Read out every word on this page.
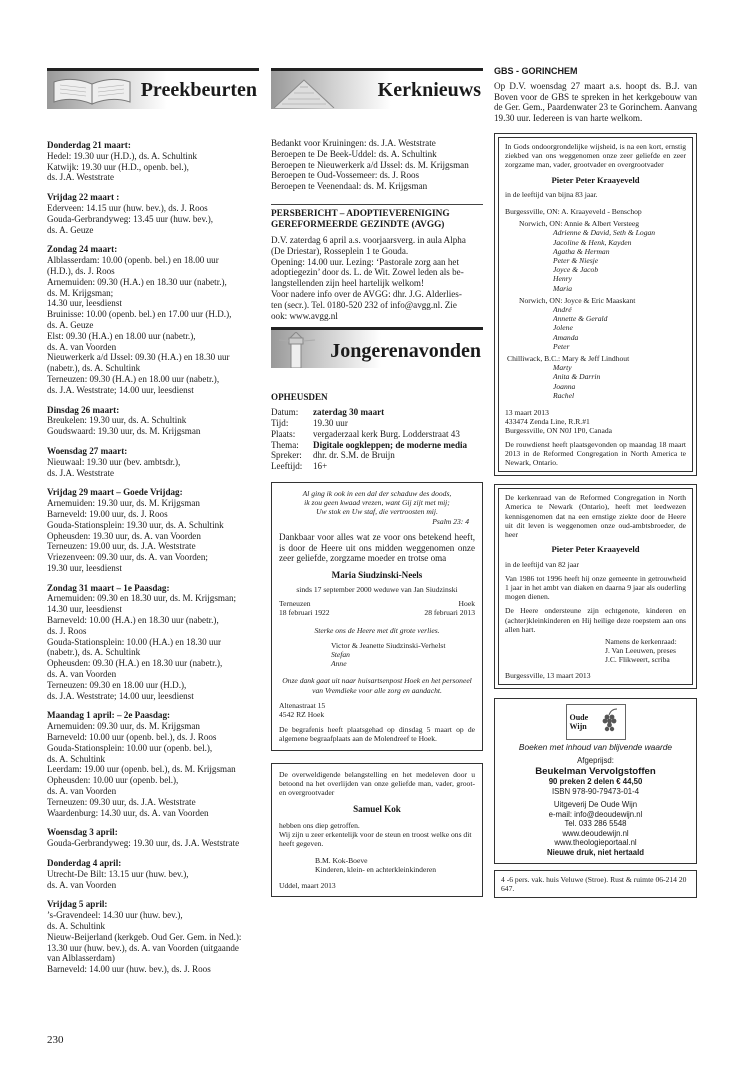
Preekbeurten
Donderdag 21 maart:
Hedel: 19.30 uur (H.D.), ds. A. Schultink
Katwijk: 19.30 uur (H.D., openb. bel.),
ds. J.A. Weststrate
Vrijdag 22 maart :
Ederveen: 14.15 uur (huw. bev.), ds. J. Roos
Gouda-Gerbrandyweg: 13.45 uur (huw. bev.),
ds. A. Geuze
Zondag 24 maart:
Alblasserdam: 10.00 (openb. bel.) en 18.00 uur
(H.D.), ds. J. Roos
Arnemuiden: 09.30 (H.A.) en 18.30 uur (nabetr.),
ds. M. Krijgsman;
14.30 uur, leesdienst
Bruinisse: 10.00 (openb. bel.) en 17.00 uur (H.D.),
ds. A. Geuze
Elst: 09.30 (H.A.) en 18.00 uur (nabetr.),
ds. A. van Voorden
Nieuwerkerk a/d IJssel: 09.30 (H.A.) en 18.30 uur
(nabetr.), ds. A. Schultink
Terneuzen: 09.30 (H.A.) en 18.00 uur (nabetr.),
ds. J.A. Weststrate; 14.00 uur, leesdienst
Dinsdag 26 maart:
Breukelen: 19.30 uur, ds. A. Schultink
Goudswaard: 19.30 uur, ds. M. Krijgsman
Woensdag 27 maart:
Nieuwaal: 19.30 uur (bev. ambtsdr.),
ds. J.A. Weststrate
Vrijdag 29 maart – Goede Vrijdag:
Arnemuiden: 19.30 uur, ds. M. Krijgsman
Barneveld: 19.00 uur, ds. J. Roos
Gouda-Stationsplein: 19.30 uur, ds. A. Schultink
Opheusden: 19.30 uur, ds. A. van Voorden
Terneuzen: 19.00 uur, ds. J.A. Weststrate
Vriezenveen: 09.30 uur, ds. A. van Voorden;
19.30 uur, leesdienst
Zondag 31 maart – 1e Paasdag:
Arnemuiden: 09.30 en 18.30 uur, ds. M. Krijgsman;
14.30 uur, leesdienst
Barneveld: 10.00 (H.A.) en 18.30 uur (nabetr.),
ds. J. Roos
Gouda-Stationsplein: 10.00 (H.A.) en 18.30 uur
(nabetr.), ds. A. Schultink
Opheusden: 09.30 (H.A.) en 18.30 uur (nabetr.),
ds. A. van Voorden
Terneuzen: 09.30 en 18.00 uur (H.D.),
ds. J.A. Weststrate; 14.00 uur, leesdienst
Maandag 1 april: – 2e Paasdag:
Arnemuiden: 09.30 uur, ds. M. Krijgsman
Barneveld: 10.00 uur (openb. bel.), ds. J. Roos
Gouda-Stationsplein: 10.00 uur (openb. bel.),
ds. A. Schultink
Leerdam: 19.00 uur (openb. bel.), ds. M. Krijgsman
Opheusden: 10.00 uur (openb. bel.),
ds. A. van Voorden
Terneuzen: 09.30 uur, ds. J.A. Weststrate
Waardenburg: 14.30 uur, ds. A. van Voorden
Woensdag 3 april:
Gouda-Gerbrandyweg: 19.30 uur, ds. J.A. Weststrate
Donderdag 4 april:
Utrecht-De Bilt: 13.15 uur (huw. bev.),
ds. A. van Voorden
Vrijdag 5 april:
’s-Gravendeel: 14.30 uur (huw. bev.),
ds. A. Schultink
Nieuw-Beijerland (kerkgeb. Oud Ger. Gem. in Ned.):
13.30 uur (huw. bev.), ds. A. van Voorden (uitgaande
van Alblasserdam)
Barneveld: 14.00 uur (huw. bev.), ds. J. Roos
Kerknieuws
Bedankt voor Kruiningen: ds. J.A. Weststrate
Beroepen te De Beek-Uddel: ds. A. Schultink
Beroepen te Nieuwerkerk a/d IJssel: ds. M. Krijgsman
Beroepen te Oud-Vossemeer: ds. J. Roos
Beroepen te Veenendaal: ds. M. Krijgsman
PERSBERICHT – ADOPTIEVERENIGING GEREFORMEERDE GEZINDTE (AVGG)
D.V. zaterdag 6 april a.s. voorjaarsverg. in aula Alpha
(De Driestar), Rosseplein 1 te Gouda.
Opening: 14.00 uur. Lezing: ‘Pastorale zorg aan het
adoptiegezin’ door ds. L. de Wit. Zowel leden als be-
langstellenden zijn heel hartelijk welkom!
Voor nadere info over de AVGG: dhr. J.G. Alderlies-
ten (secr.). Tel. 0180-520 232 of info@avgg.nl. Zie
ook: www.avgg.nl
Jongerenavonden
OPHEUSDEN
Datum:	zaterdag 30 maart
Tijd:	19.30 uur
Plaats:	vergaderzaal kerk Burg. Lodderstraat 43
Thema:	Digitale oogkleppen; de moderne media
Spreker:	dhr. dr. S.M. de Bruijn
Leeftijd:	16+
Al ging ik ook in een dal der schaduw des doods,
ik zou geen kwaad vrezen, want Gij zijt met mij;
Uw stok en Uw staf, die vertroosten mij.
Psalm 23: 4
Dankbaar voor alles wat ze voor ons betekend heeft, is door de Heere uit ons midden weggenomen onze zeer geliefde, zorgzame moeder en trotse oma
Maria Siudzinski-Neels
sinds 17 september 2000 weduwe van Jan Siudzinski
Terneuzen	Hoek
18 februari 1922	28 februari 2013
Sterke ons de Heere met dit grote verlies.
Victor & Jeanette Siudzinski-Verhelst
Stefan
Anne
Onze dank gaat uit naar huisartsenpost Hoek en het personeel van Vremdieke voor alle zorg en aandacht.
Altenastraat 15
4542 RZ Hoek
De begrafenis heeft plaatsgehad op dinsdag 5 maart op de algemene begraafplaats aan de Molendreef te Hoek.
De overweldigende belangstelling en het medeleven door u betoond na het overlijden van onze geliefde man, vader, groot- en overgrootvader
Samuel Kok
hebben ons diep getroffen.
Wij zijn u zeer erkentelijk voor de steun en troost welke ons dit heeft gegeven.
B.M. Kok-Boeve
Kinderen, klein- en achterkleinkinderen
Uddel, maart 2013
GBS - GORINCHEM
Op D.V. woensdag 27 maart a.s. hoopt ds. B.J. van Boven voor de GBS te spreken in het kerkgebouw van de Ger. Gem., Paardenwater 23 te Gorinchem. Aanvang 19.30 uur. Iedereen is van harte welkom.
In Gods ondoorgrondelijke wijsheid, is na een kort, ernstig ziekbed van ons weggenomen onze zeer geliefde en zeer zorgzame man, vader, grootvader en overgrootvader
Pieter Peter Kraayeveld
in de leeftijd van bijna 83 jaar.
Burgessville, ON: A. Kraayeveld - Benschop
Norwich, ON: Annie & Albert Versteeg
Adrienne & David, Seth & Logan
Jacoline & Henk, Kayden
Agatha & Herman
Peter & Niesje
Joyce & Jacob
Henry
Maria
Norwich, ON: Joyce & Eric Maaskant
André
Annette & Gerald
Jolene
Amanda
Peter
Chilliwack, B.C.: Mary & Jeff Lindhout
Marty
Anita & Darrin
Joanna
Rachel
13 maart 2013
433474 Zenda Line, R.R.#1
Burgessville, ON N0J 1P0, Canada
De rouwdienst heeft plaatsgevonden op maandag 18 maart 2013 in de Reformed Congregation in North America te Newark, Ontario.
De kerkenraad van de Reformed Congregation in North America te Newark (Ontario), heeft met leedwezen kennisgenomen dat na een ernstige ziekte door de Heere uit dit leven is weggenomen onze oud-ambtsbroeder, de heer
Pieter Peter Kraayeveld
in de leeftijd van 82 jaar
Van 1986 tot 1996 heeft hij onze gemeente in getrouwheid 1 jaar in het ambt van diaken en daarna 9 jaar als ouderling mogen dienen.
De Heere ondersteune zijn echtgenote, kinderen en (achter)kleinkinderen en Hij heilige deze roepstem aan ons allen hart.
Namens de kerkenraad:
J. Van Leeuwen, preses
J.C. Flikweert, scriba
Burgessville, 13 maart 2013
Oude Wijn
Boeken met inhoud van blijvende waarde
Afgeprijsd:
Beukelman Vervolgstoffen
90 preken 2 delen € 44,50
ISBN 978-90-79473-01-4
Uitgeverij De Oude Wijn
e-mail: info@deoudewijn.nl
Tel. 033 286 5548
www.deoudewijn.nl
www.theologieportaal.nl
Nieuwe druk, niet hertaald
4 -6 pers. vak. huis Veluwe (Stroe). Rust & ruimte 06-214 20 647.
230
